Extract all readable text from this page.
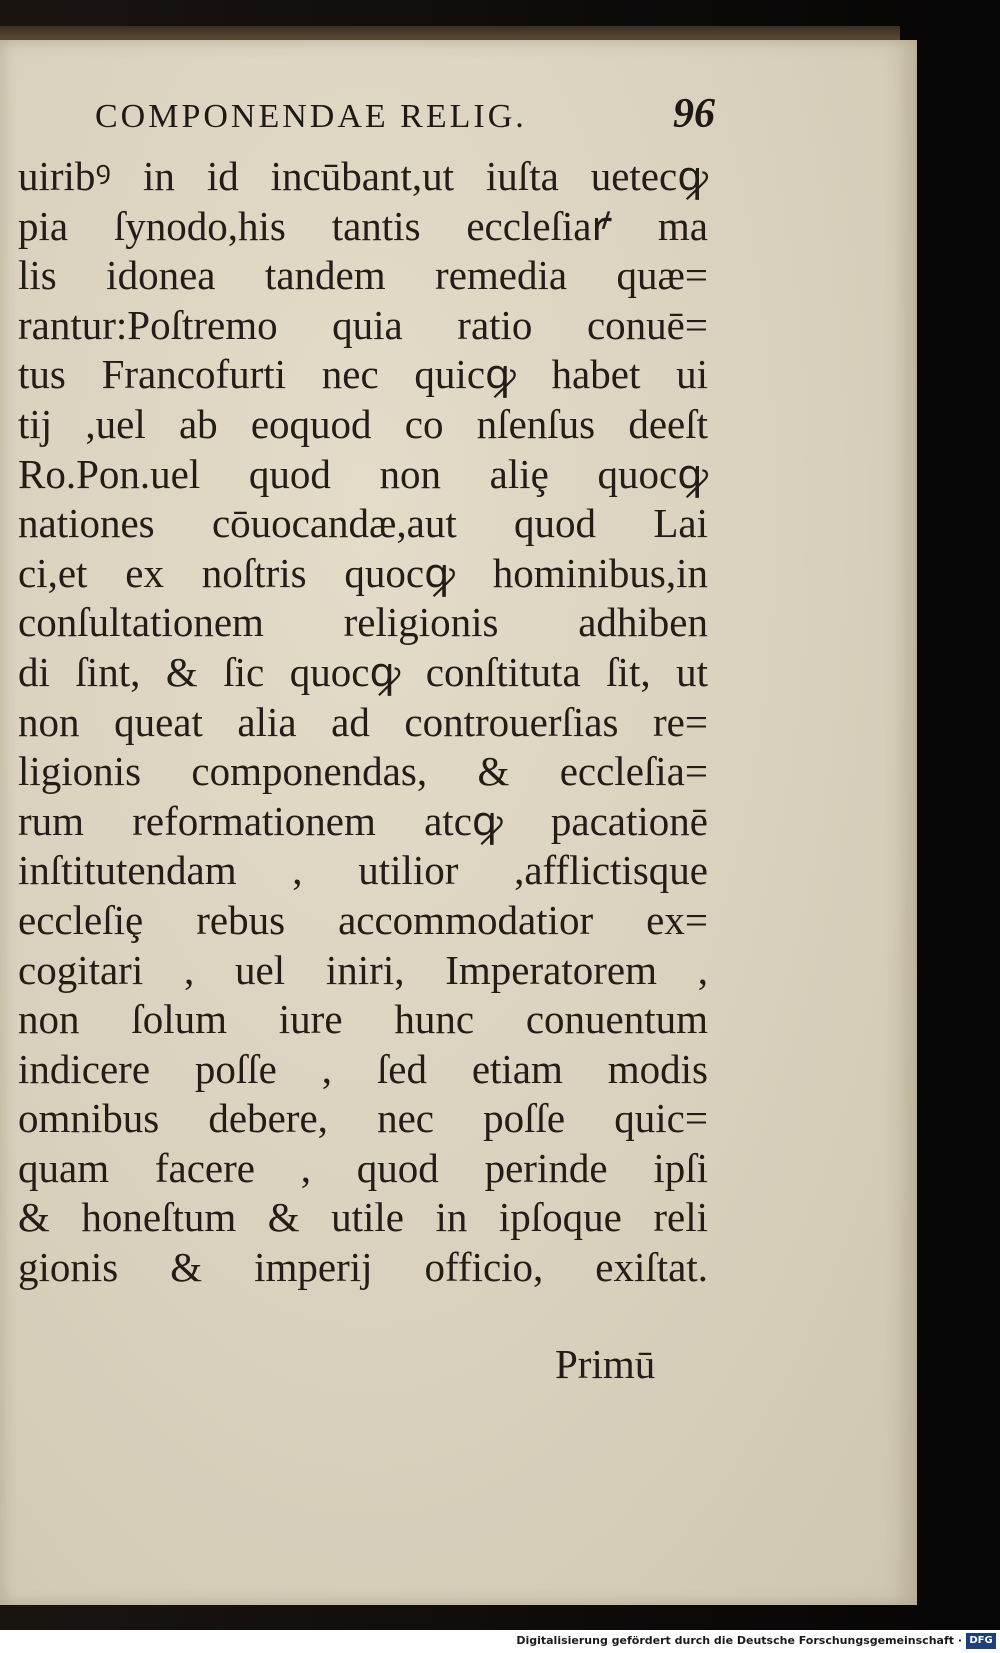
COMPONENDAE RELIG.	96
uiribꝰ in id incūbant,ut iuſta uetecꝙ
pia ſynodo,his tantis eccleſiaꝵ ma
lis idonea tandem remedia quæ=
rantur:Poſtremo quia ratio conuē=
tus Francofurti nec quicꝙ habet ui
tij ,uel ab eoquod co nſenſus deeſt
Ro.Pon.uel quod non aliȩ quocꝙ
nationes cōuocandæ,aut quod Lai
ci,et ex noſtris quocꝙ hominibus,in
conſultationem religionis adhiben
di ſint, & ſic quocꝙ conſtituta ſit, ut
non queat alia ad controuerſias re=
ligionis componendas, & eccleſia=
rum reformationem atcꝙ pacationē
inſtitutendam , utilior ,afflictisque
eccleſiȩ rebus accommodatior ex=
cogitari , uel iniri, Imperatorem ,
non ſolum iure hunc conuentum
indicere poſſe , ſed etiam modis
omnibus debere, nec poſſe quic=
quam facere , quod perinde ipſi
& honeſtum & utile in ipſoque reli
gionis & imperij officio, exiſtat.
Primū
Digitalisierung gefördert durch die Deutsche Forschungsgemeinschaft · DFG
